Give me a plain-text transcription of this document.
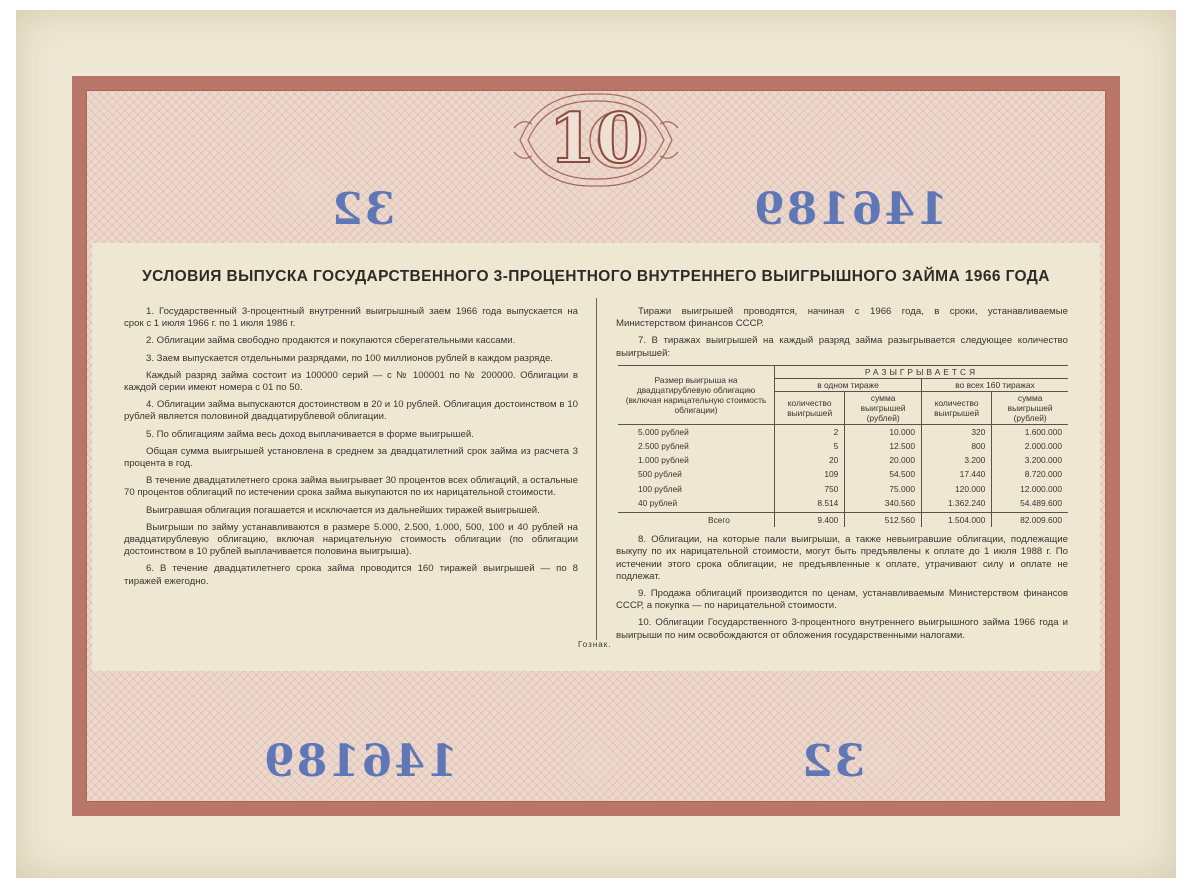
10
32	146189
146189	32
УСЛОВИЯ ВЫПУСКА ГОСУДАРСТВЕННОГО 3-ПРОЦЕНТНОГО ВНУТРЕННЕГО ВЫИГРЫШНОГО ЗАЙМА 1966 ГОДА

1. Государственный 3-процентный внутренний выигрышный заем 1966 года выпускается на срок с 1 июля 1966 г. по 1 июля 1986 г.

2. Облигации займа свободно продаются и покупаются сберегательными кассами.

3. Заем выпускается отдельными разрядами, по 100 миллионов рублей в каждом разряде.

Каждый разряд займа состоит из 100000 серий — с № 100001 по № 200000. Облигации в каждой серии имеют номера с 01 по 50.

4. Облигации займа выпускаются достоинством в 20 и 10 рублей. Облигация достоинством в 10 рублей является половиной двадцатирублевой облигации.

5. По облигациям займа весь доход выплачивается в форме выигрышей.

Общая сумма выигрышей установлена в среднем за двадцатилетний срок займа из расчета 3 процента в год.

В течение двадцатилетнего срока займа выигрывает 30 процентов всех облигаций, а остальные 70 процентов облигаций по истечении срока займа выкупаются по их нарицательной стоимости.

Выигравшая облигация погашается и исключается из дальнейших тиражей выигрышей.

Выигрыши по займу устанавливаются в размере 5.000, 2.500, 1.000, 500, 100 и 40 рублей на двадцатирублевую облигацию, включая нарицательную стоимость облигации (по облигации достоинством в 10 рублей выплачивается половина выигрыша).

6. В течение двадцатилетнего срока займа проводится 160 тиражей выигрышей — по 8 тиражей ежегодно.

Тиражи выигрышей проводятся, начиная с 1966 года, в сроки, устанавливаемые Министерством финансов СССР.

7. В тиражах выигрышей на каждый разряд займа разыгрывается следующее количество выигрышей:

Размер выигрыша на двадцатирублевую облигацию (включая нарицательную стоимость облигации)	РАЗЫГРЫВАЕТСЯ			
	в одном тираже		во всех 160 тиражах	
	количество выигрышей	сумма выигрышей (рублей)	количество выигрышей	сумма выигрышей (рублей)
5.000 рублей	2	10.000	320	1.600.000
2.500 рублей	5	12.500	800	2.000.000
1.000 рублей	20	20.000	3.200	3.200.000
500 рублей	109	54.500	17.440	8.720.000
100 рублей	750	75.000	120.000	12.000.000
40 рублей	8.514	340.560	1.362.240	54.489.600
Всего	9.400	512.560	1.504.000	82.009.600

8. Облигации, на которые пали выигрыши, а также невыигравшие облигации, подлежащие выкупу по их нарицательной стоимости, могут быть предъявлены к оплате до 1 июля 1988 г. По истечении этого срока облигации, не предъявленные к оплате, утрачивают силу и оплате не подлежат.

9. Продажа облигаций производится по ценам, устанавливаемым Министерством финансов СССР, а покупка — по нарицательной стоимости.

10. Облигации Государственного 3-процентного внутреннего выигрышного займа 1966 года и выигрыши по ним освобождаются от обложения государственными налогами.

Гознак.
